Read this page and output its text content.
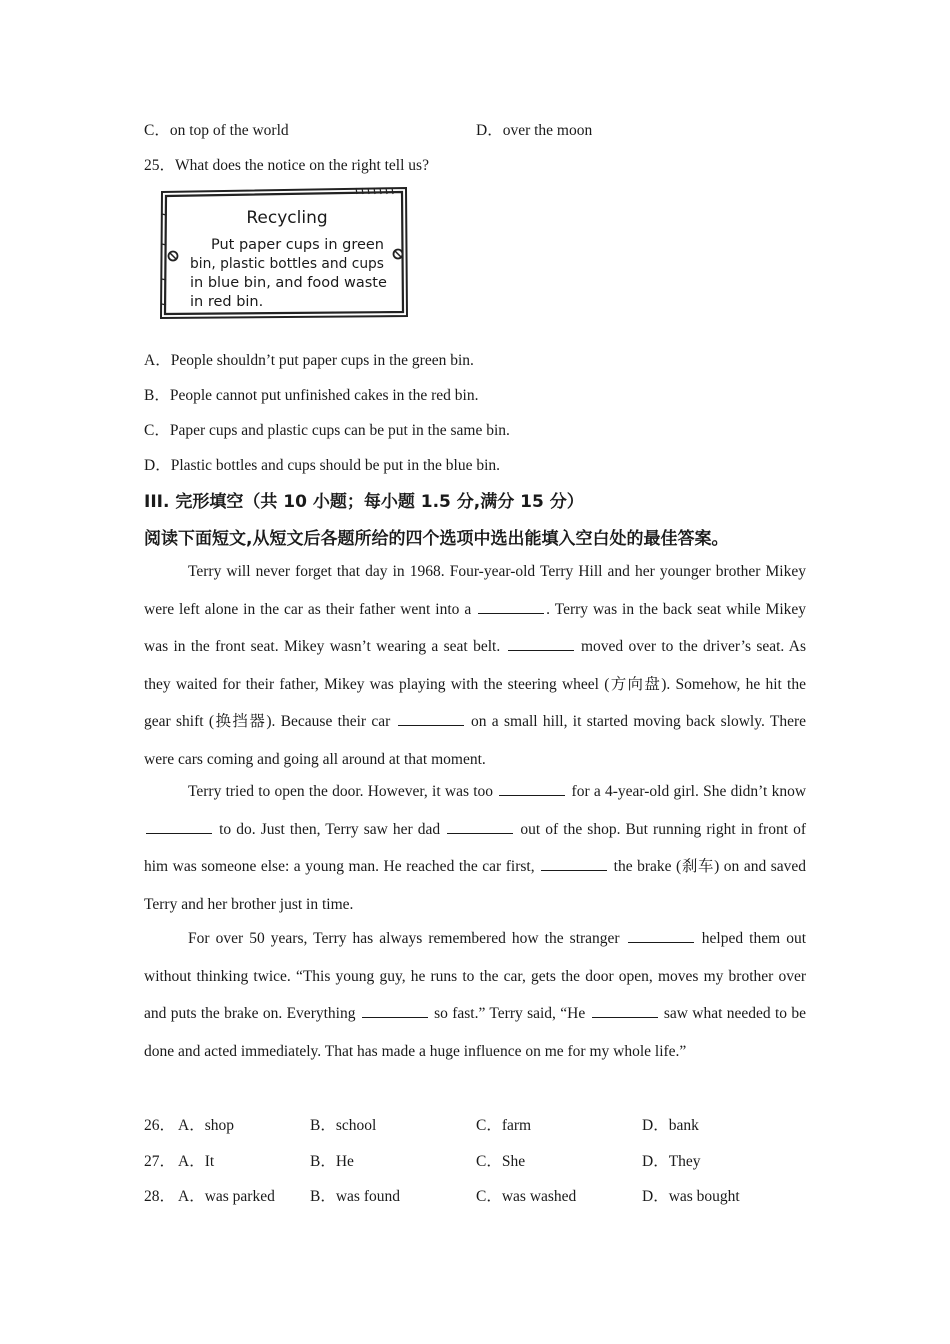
C．on top of the world	D．over the moon
25．What does the notice on the right tell us?
Recycling
Put paper cups in green
bin, plastic bottles and cups
in blue bin, and food waste
in red bin.
A．People shouldn’t put paper cups in the green bin.
B．People cannot put unfinished cakes in the red bin.
C．Paper cups and plastic cups can be put in the same bin.
D．Plastic bottles and cups should be put in the blue bin.
III. 完形填空（共 10 小题；每小题 1.5 分,满分 15 分）
阅读下面短文,从短文后各题所给的四个选项中选出能填入空白处的最佳答案。

Terry will never forget that day in 1968. Four-year-old Terry Hill and her younger brother Mikey were left alone in the car as their father went into a	. Terry was in the back seat while Mikey was in the front seat. Mikey wasn’t wearing a seat belt.	moved over to the driver’s seat. As they waited for their father, Mikey was playing with the steering wheel (方向盘). Somehow, he hit the gear shift (换挡器). Because their car	on a small hill, it started moving back slowly. There were cars coming and going all around at that moment.

Terry tried to open the door. However, it was too	for a 4-year-old girl. She didn’t know  to do. Just then, Terry saw her dad	out of the shop. But running right in front of him was someone else: a young man. He reached the car first,	the brake (刹车) on and saved Terry and her brother just in time.

For over 50 years, Terry has always remembered how the stranger	helped them out without thinking twice. “This young guy, he runs to the car, gets the door open, moves my brother over and puts the brake on. Everything	so fast.” Terry said, “He	saw what needed to be done and acted immediately. That has made a huge influence on me for my whole life.”

26． A．shop	B．school	C．farm	D．bank
27． A．It	B．He	C．She	D．They
28． A．was parked B．was found	C．was washed	D．was bought
